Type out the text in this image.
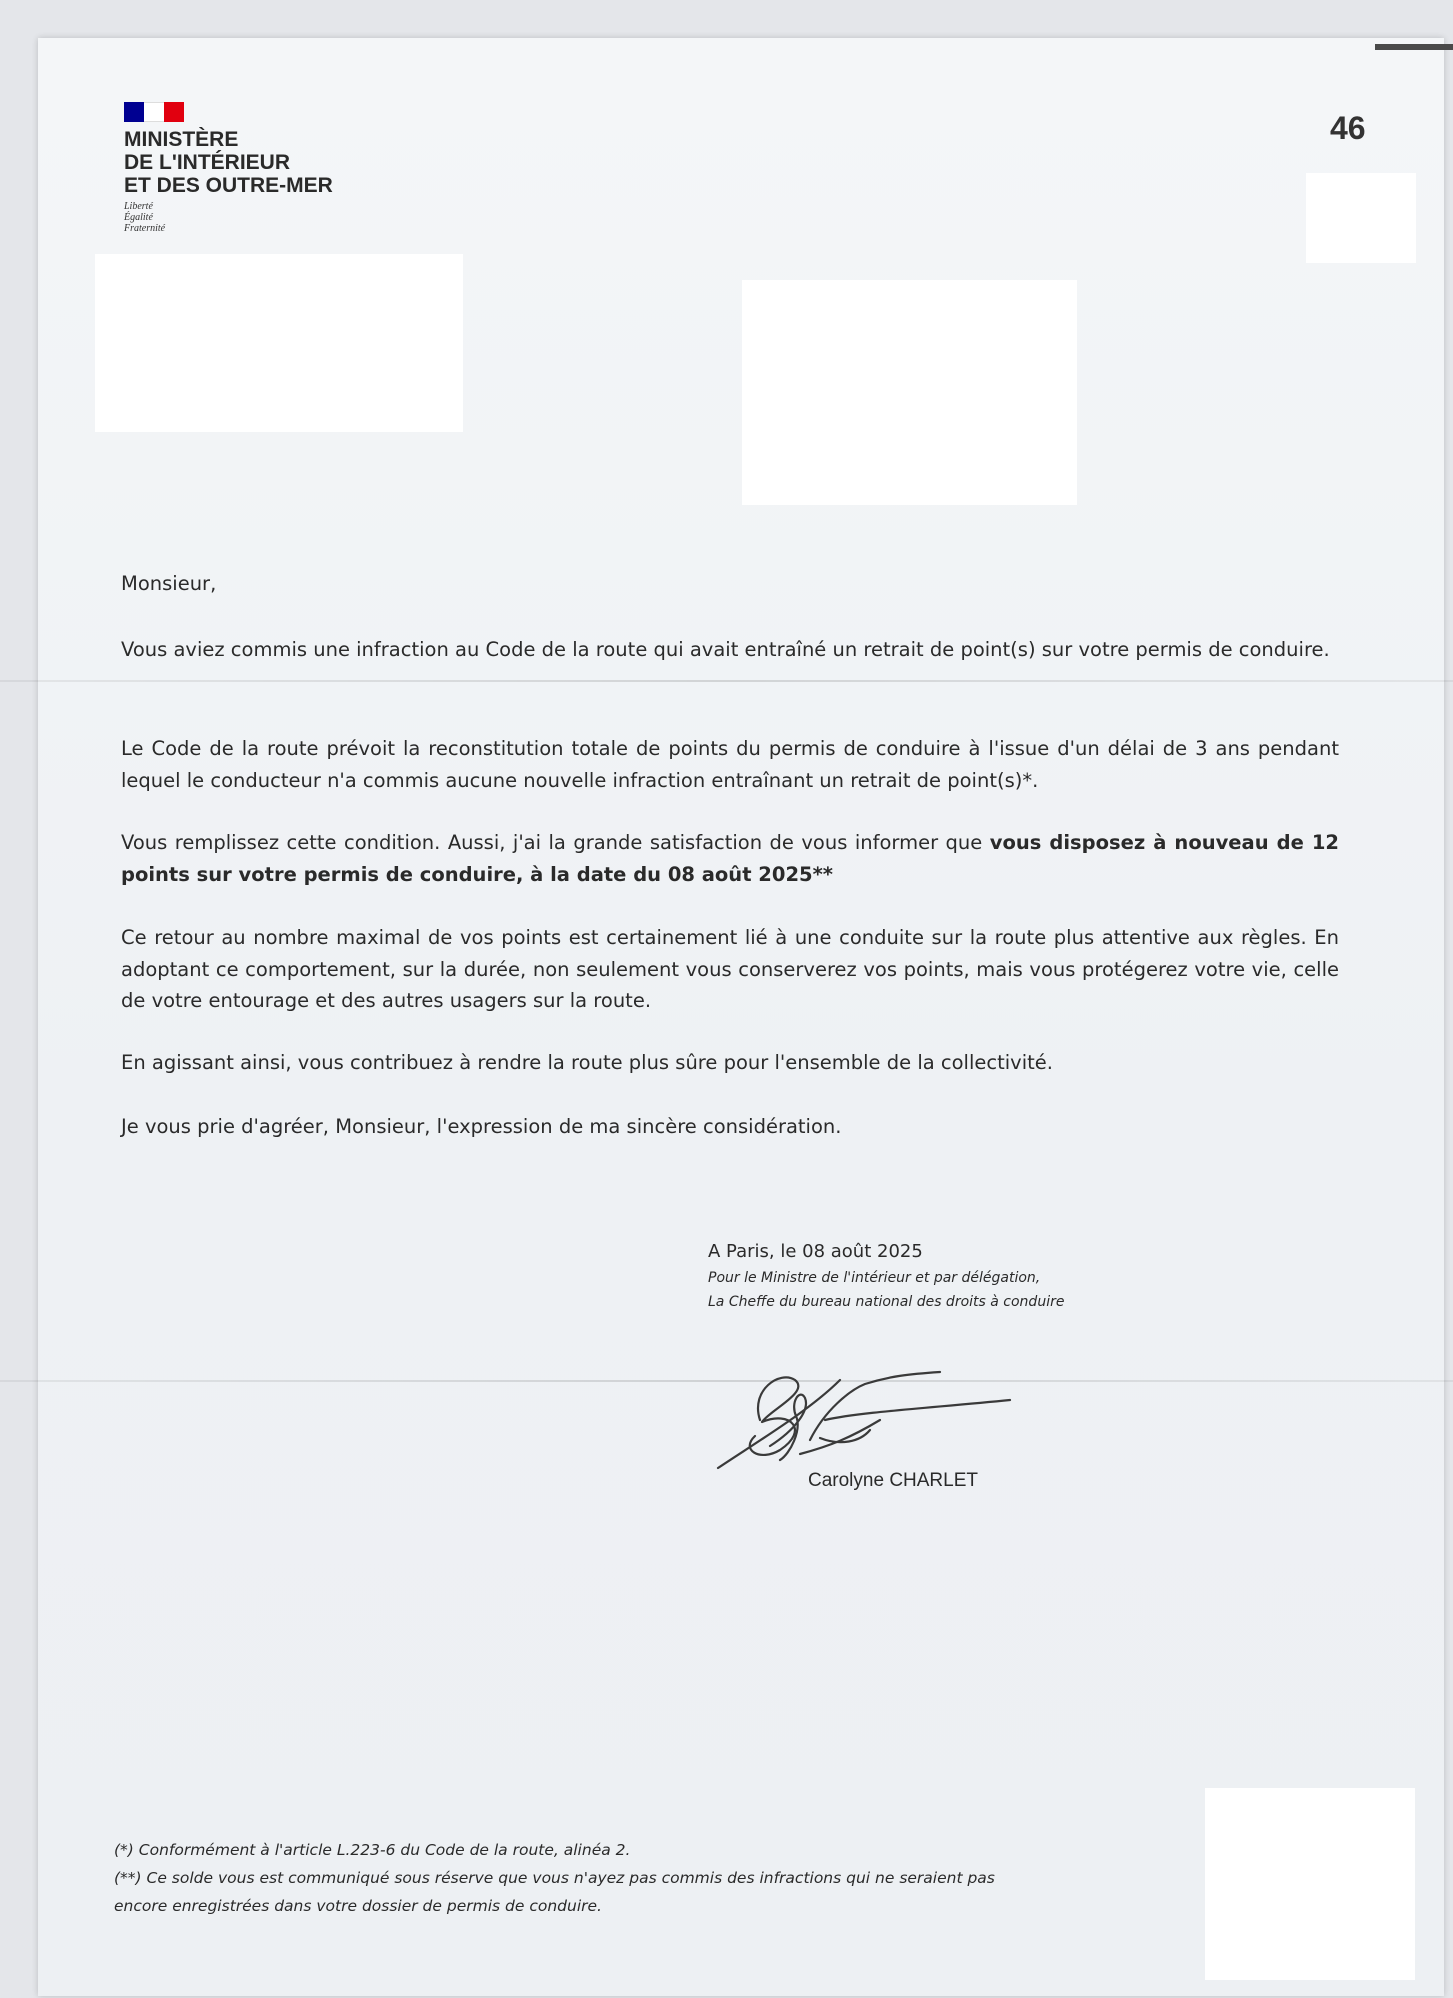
MINISTÈRE
DE L'INTÉRIEUR
ET DES OUTRE-MER
Liberté
Égalité
Fraternité
46

Monsieur,

Vous aviez commis une infraction au Code de la route qui avait entraîné un retrait de point(s) sur votre permis de conduire.

Le Code de la route prévoit la reconstitution totale de points du permis de conduire à l'issue d'un délai de 3 ans pendant lequel le conducteur n'a commis aucune nouvelle infraction entraînant un retrait de point(s)*.

Vous remplissez cette condition. Aussi, j'ai la grande satisfaction de vous informer que vous disposez à nouveau de 12 points sur votre permis de conduire, à la date du 08 août 2025**

Ce retour au nombre maximal de vos points est certainement lié à une conduite sur la route plus attentive aux règles. En adoptant ce comportement, sur la durée, non seulement vous conserverez vos points, mais vous protégerez votre vie, celle de votre entourage et des autres usagers sur la route.

En agissant ainsi, vous contribuez à rendre la route plus sûre pour l'ensemble de la collectivité.

Je vous prie d'agréer, Monsieur, l'expression de ma sincère considération.

A Paris, le 08 août 2025
Pour le Ministre de l'intérieur et par délégation,
La Cheffe du bureau national des droits à conduire
Carolyne CHARLET

(*) Conformément à l'article L.223-6 du Code de la route, alinéa 2.

(**) Ce solde vous est communiqué sous réserve que vous n'ayez pas commis des infractions qui ne seraient pas encore enregistrées dans votre dossier de permis de conduire.
